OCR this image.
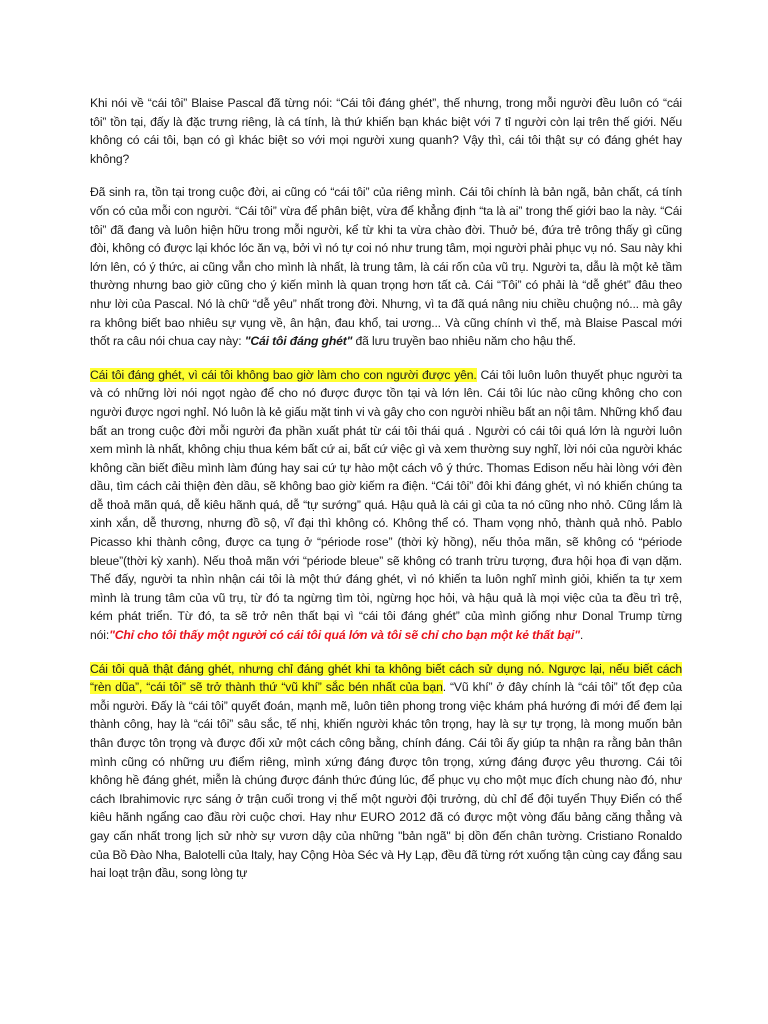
Khi nói về “cái tôi” Blaise Pascal đã từng nói: “Cái tôi đáng ghét”, thế nhưng, trong mỗi người đều luôn có “cái tôi” tồn tại, đấy là đặc trưng riêng, là cá tính, là thứ khiến bạn khác biệt với 7 tỉ người còn lại trên thế giới. Nếu không có cái tôi, bạn có gì khác biệt so với mọi người xung quanh? Vậy thì, cái tôi thật sự có đáng ghét hay không?

Đã sinh ra, tồn tại trong cuộc đời, ai cũng có “cái tôi” của riêng mình. Cái tôi chính là bản ngã, bản chất, cá tính vốn có của mỗi con người. “Cái tôi” vừa để phân biệt, vừa để khẳng định “ta là ai” trong thế giới bao la này. “Cái tôi” đã đang và luôn hiện hữu trong mỗi người, kể từ khi ta vừa chào đời. Thuở bé, đứa trẻ trông thấy gì cũng đòi, không có được lại khóc lóc ăn vạ, bởi vì nó tự coi nó như trung tâm, mọi người phải phục vụ nó. Sau này khi lớn lên, có ý thức, ai cũng vẫn cho mình là nhất, là trung tâm, là cái rốn của vũ trụ. Người ta, dẫu là một kẻ tầm thường nhưng bao giờ cũng cho ý kiến mình là quan trọng hơn tất cả. Cái “Tôi” có phải là “dễ ghét” đâu theo như lời của Pascal. Nó là chữ “dễ yêu” nhất trong đời. Nhưng, vì ta đã quá nâng niu chiều chuộng nó... mà gây ra không biết bao nhiêu sự vụng về, ân hận, đau khổ, tai ương... Và cũng chính vì thế, mà Blaise Pascal mới thốt ra câu nói chua cay này: "Cái tôi đáng ghét" đã lưu truyền bao nhiêu năm cho hậu thế.

Cái tôi đáng ghét, vì cái tôi không bao giờ làm cho con người được yên. Cái tôi luôn luôn thuyết phục người ta và có những lời nói ngọt ngào để cho nó được được tồn tại và lớn lên. Cái tôi lúc nào cũng không cho con người được ngơi nghỉ. Nó luôn là kẻ giấu mặt tinh vi và gây cho con người nhiều bất an nội tâm. Những khổ đau bất an trong cuộc đời mỗi người đa phần xuất phát từ cái tôi thái quá . Người có cái tôi quá lớn là người luôn xem mình là nhất, không chịu thua kém bất cứ ai, bất cứ việc gì và xem thường suy nghĩ, lời nói của người khác không cần biết điều mình làm đúng hay sai cứ tự hào một cách vô ý thức. Thomas Edison nếu hài lòng với đèn dầu, tìm cách cải thiện đèn dầu, sẽ không bao giờ kiếm ra điện. “Cái tôi” đôi khi đáng ghét, vì nó khiến chúng ta dễ thoả mãn quá, dễ kiêu hãnh quá, dễ “tự sướng” quá. Hậu quả là cái gì của ta nó cũng nho nhỏ. Cũng lắm là xinh xắn, dễ thương, nhưng đồ sộ, vĩ đại thì không có. Không thể có. Tham vọng nhỏ, thành quả nhỏ. Pablo Picasso khi thành công, được ca tụng ở “période rose” (thời kỳ hồng), nếu thỏa mãn, sẽ không có “période bleue”(thời kỳ xanh). Nếu thoả mãn với “période bleue” sẽ không có tranh trừu tượng, đưa hội họa đi vạn dặm. Thế đấy, người ta nhìn nhận cái tôi là một thứ đáng ghét, vì nó khiến ta luôn nghĩ mình giỏi, khiến ta tự xem mình là trung tâm của vũ trụ, từ đó ta ngừng tìm tòi, ngừng học hỏi, và hậu quả là mọi việc của ta đều trì trệ, kém phát triển. Từ đó, ta sẽ trở nên thất bại vì “cái tôi đáng ghét” của mình giống như Donal Trump từng nói:"Chỉ cho tôi thấy một người có cái tôi quá lớn và tôi sẽ chỉ cho bạn một kẻ thất bại".

Cái tôi quả thật đáng ghét, nhưng chỉ đáng ghét khi ta không biết cách sử dụng nó. Ngược lại, nếu biết cách “rèn dũa”, “cái tôi” sẽ trở thành thứ “vũ khí” sắc bén nhất của bạn. “Vũ khí” ở đây chính là “cái tôi” tốt đẹp của mỗi người. Đấy là “cái tôi” quyết đoán, mạnh mẽ, luôn tiên phong trong việc khám phá hướng đi mới để đem lại thành công, hay là “cái tôi” sâu sắc, tế nhị, khiến người khác tôn trọng, hay là sự tự trọng, là mong muốn bản thân được tôn trọng và được đối xử một cách công bằng, chính đáng. Cái tôi ấy giúp ta nhận ra rằng bản thân mình cũng có những ưu điểm riêng, mình xứng đáng được tôn trọng, xứng đáng được yêu thương. Cái tôi không hề đáng ghét, miễn là chúng được đánh thức đúng lúc, để phục vụ cho một mục đích chung nào đó, như cách Ibrahimovic rực sáng ở trận cuối trong vị thế một người đội trưởng, dù chỉ để đội tuyển Thụy Điển có thể kiêu hãnh ngẩng cao đầu rời cuộc chơi. Hay như EURO 2012 đã có được một vòng đấu bảng căng thẳng và gay cấn nhất trong lịch sử nhờ sự vươn dậy của những "bản ngã" bị dồn đến chân tường. Cristiano Ronaldo của Bồ Đào Nha, Balotelli của Italy, hay Cộng Hòa Séc và Hy Lạp, đều đã từng rớt xuống tận cùng cay đắng sau hai loạt trận đầu, song lòng tự
